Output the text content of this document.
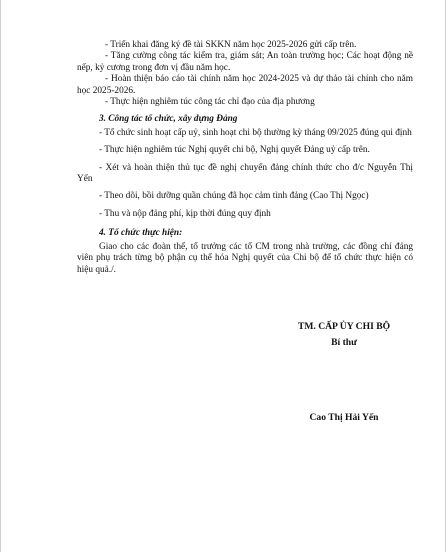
- Triển khai đăng ký đề tài SKKN năm học 2025-2026 gửi cấp trên.

- Tăng cường công tác kiểm tra, giám sát; An toàn trường học; Các hoạt động nề nếp, kỷ cương trong đơn vị đầu năm học.

- Hoàn thiện báo cáo tài chính năm học 2024-2025 và dự thảo tài chính cho năm học 2025-2026.

- Thực hiện nghiêm túc công tác chỉ đạo của địa phương

3. Công tác tổ chức, xây dựng Đảng

- Tổ chức sinh hoạt cấp uỷ, sinh hoạt chi bộ thường kỳ tháng 09/2025 đúng qui định

- Thực hiện nghiêm túc Nghị quyết chi bộ, Nghị quyết Đảng uỷ cấp trên.

- Xét và hoàn thiện thủ tục đề nghị chuyển đảng chính thức cho đ/c Nguyễn Thị Yến

- Theo dõi, bồi dưỡng quần chúng đã học cảm tình đảng (Cao Thị Ngọc)

- Thu và nộp đảng phí, kịp thời đúng quy định

4. Tổ chức thực hiện:

Giao cho các đoàn thể, tổ trưởng các tổ CM trong nhà trường, các đồng chí đảng viên phụ trách từng bộ phận cụ thể hóa Nghị quyết của Chi bộ để tổ chức thực hiện có hiệu quả./.

TM. CẤP ỦY CHI BỘ
Bí thư
Cao Thị Hải Yến
